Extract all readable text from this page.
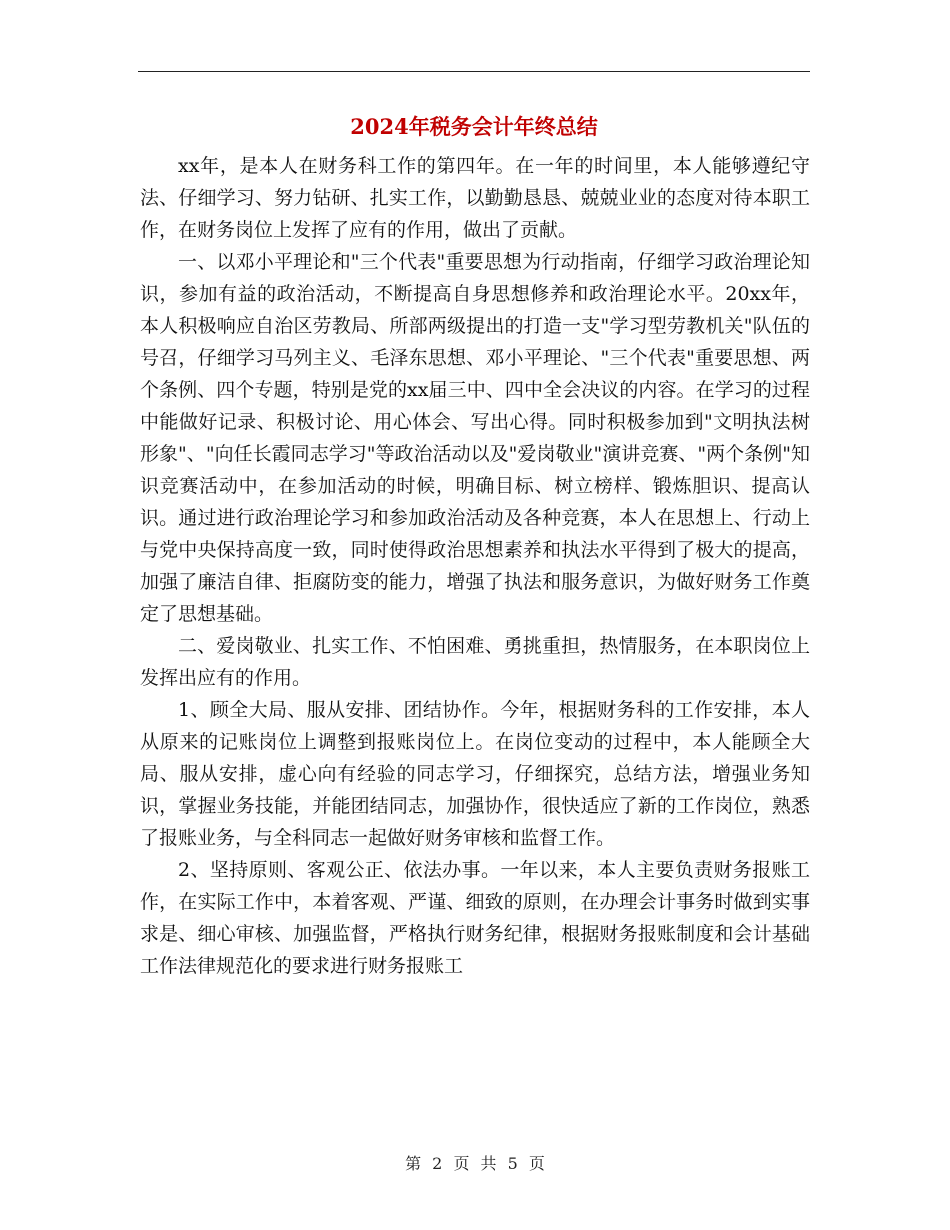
2024年税务会计年终总结

xx年，是本人在财务科工作的第四年。在一年的时间里，本人能够遵纪守法、仔细学习、努力钻研、扎实工作，以勤勤恳恳、兢兢业业的态度对待本职工作，在财务岗位上发挥了应有的作用，做出了贡献。

一、以邓小平理论和"三个代表"重要思想为行动指南，仔细学习政治理论知识，参加有益的政治活动，不断提高自身思想修养和政治理论水平。20xx年，本人积极响应自治区劳教局、所部两级提出的打造一支"学习型劳教机关"队伍的号召，仔细学习马列主义、毛泽东思想、邓小平理论、"三个代表"重要思想、两个条例、四个专题，特别是党的xx届三中、四中全会决议的内容。在学习的过程中能做好记录、积极讨论、用心体会、写出心得。同时积极参加到"文明执法树形象"、"向任长霞同志学习"等政治活动以及"爱岗敬业"演讲竞赛、"两个条例"知识竞赛活动中，在参加活动的时候，明确目标、树立榜样、锻炼胆识、提高认识。通过进行政治理论学习和参加政治活动及各种竞赛，本人在思想上、行动上与党中央保持高度一致，同时使得政治思想素养和执法水平得到了极大的提高，加强了廉洁自律、拒腐防变的能力，增强了执法和服务意识，为做好财务工作奠定了思想基础。

二、爱岗敬业、扎实工作、不怕困难、勇挑重担，热情服务，在本职岗位上发挥出应有的作用。

1、顾全大局、服从安排、团结协作。今年，根据财务科的工作安排，本人从原来的记账岗位上调整到报账岗位上。在岗位变动的过程中，本人能顾全大局、服从安排，虚心向有经验的同志学习，仔细探究，总结方法，增强业务知识，掌握业务技能，并能团结同志，加强协作，很快适应了新的工作岗位，熟悉了报账业务，与全科同志一起做好财务审核和监督工作。

2、坚持原则、客观公正、依法办事。一年以来，本人主要负责财务报账工作，在实际工作中，本着客观、严谨、细致的原则，在办理会计事务时做到实事求是、细心审核、加强监督，严格执行财务纪律，根据财务报账制度和会计基础工作法律规范化的要求进行财务报账工

第 2 页 共 5 页
